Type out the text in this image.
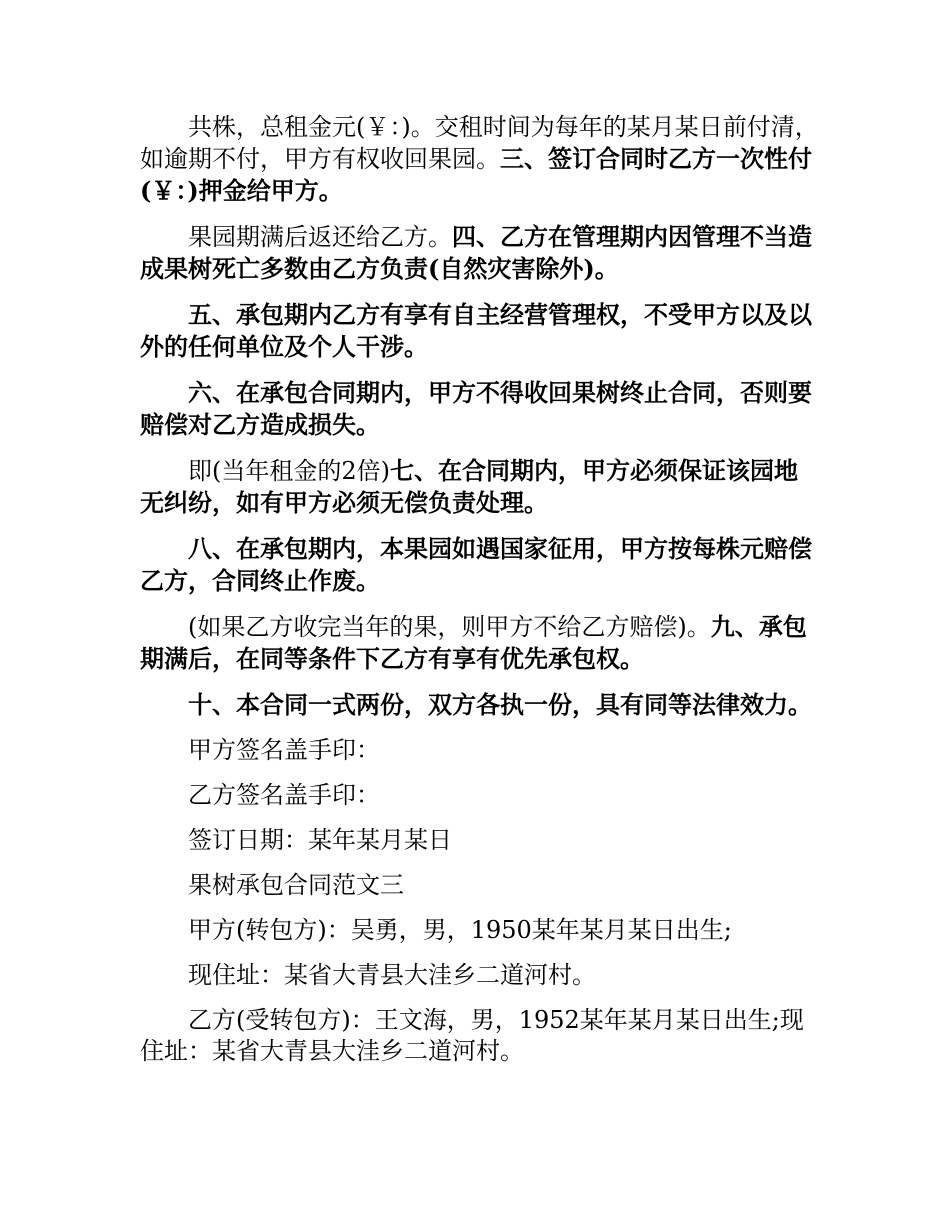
共株，总租金元(￥：)。交租时间为每年的某月某日前付清，如逾期不付，甲方有权收回果园。三、签订合同时乙方一次性付(￥：)押金给甲方。

果园期满后返还给乙方。四、乙方在管理期内因管理不当造成果树死亡多数由乙方负责(自然灾害除外)。

五、承包期内乙方有享有自主经营管理权，不受甲方以及以外的任何单位及个人干涉。

六、在承包合同期内，甲方不得收回果树终止合同，否则要赔偿对乙方造成损失。

即(当年租金的2倍)七、在合同期内，甲方必须保证该园地无纠纷，如有甲方必须无偿负责处理。

八、在承包期内，本果园如遇国家征用，甲方按每株元赔偿乙方，合同终止作废。

(如果乙方收完当年的果，则甲方不给乙方赔偿)。九、承包期满后，在同等条件下乙方有享有优先承包权。

十、本合同一式两份，双方各执一份，具有同等法律效力。

甲方签名盖手印：

乙方签名盖手印：

签订日期：某年某月某日

果树承包合同范文三

甲方(转包方)：吴勇，男，1950某年某月某日出生;

现住址：某省大青县大洼乡二道河村。

乙方(受转包方)：王文海，男，1952某年某月某日出生;现住址：某省大青县大洼乡二道河村。
